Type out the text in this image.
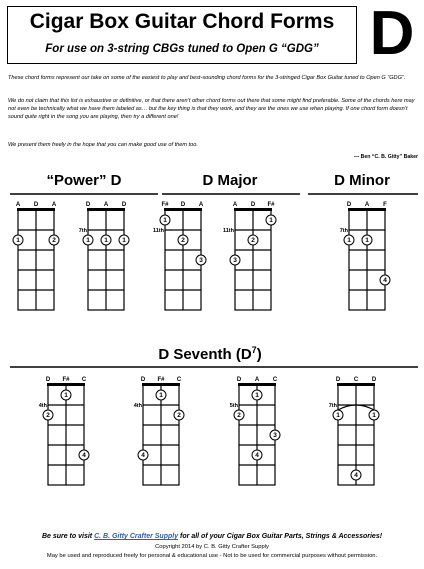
Cigar Box Guitar Chord Forms
For use on 3-string CBGs tuned to Open G “GDG” D
These chord forms represent our take on some of the easiest to play and best-sounding chord forms for the 3-stringed Cigar Box Guitar tuned to Open G “GDG”.
We do not claim that this list is exhaustive or definitive, or that there aren’t other chord forms out there that some might find preferable. Some of the chords here may not even be technically what we have them labeled as… but the key thing is that they work, and they are the ones we use when playing. If one chord form doesn’t sound quite right in the song you are playing, then try a different one!
We present them freely in the hope that you can make good use of them too.
— Ben “C. B. Gitty” Baker
“Power” D	D Major	D Minor
D Seventh $(D^7)$
A D A
1	2
D A D
7th
1 1 1
F# D A
11th
1
2
3
A D F#
11th
1
2
3
D A F
7th
1 1
4
D F# C
4th
1
2
4
D F# C
4th
1
2
4
D A C
5th
1
2
3
4
D C D
7th
1	1
4
Be sure to visit C. B. Gitty Crafter Supply for all of your Cigar Box Guitar Parts, Strings & Accessories!
Copyright 2014 by C. B. Gitty Crafter Supply
May be used and reproduced freely for personal & educational use - Not to be used for commercial purposes without permission.
